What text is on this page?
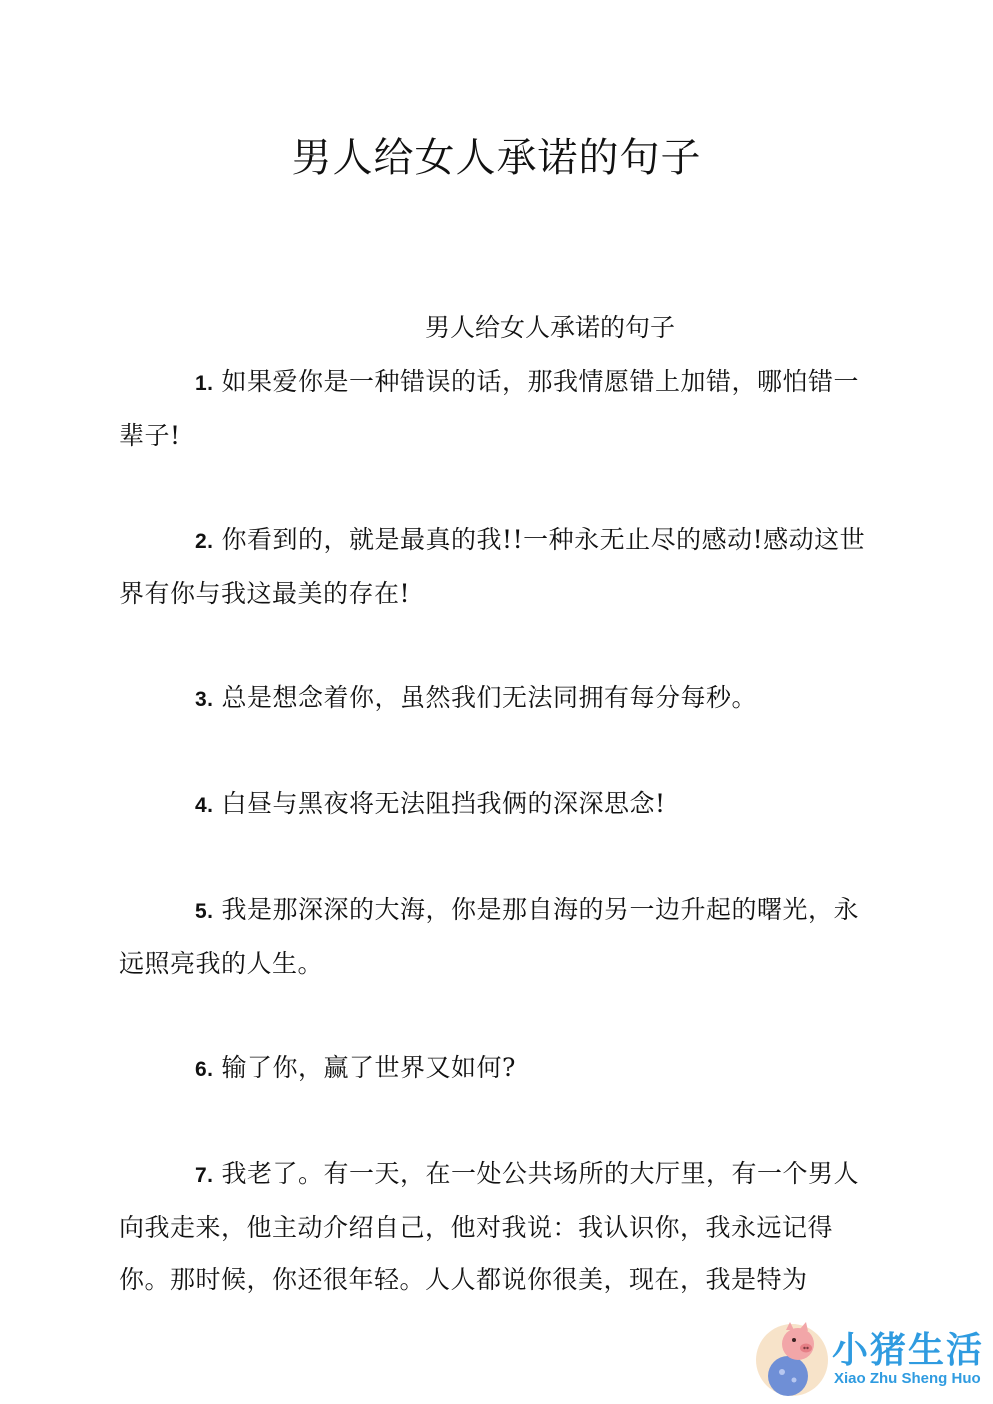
男人给女人承诺的句子
男人给女人承诺的句子

1. 如果爱你是一种错误的话，那我情愿错上加错，哪怕错一辈子!

2. 你看到的，就是最真的我!!一种永无止尽的感动!感动这世界有你与我这最美的存在!

3. 总是想念着你，虽然我们无法同拥有每分每秒。

4. 白昼与黑夜将无法阻挡我俩的深深思念!

5. 我是那深深的大海，你是那自海的另一边升起的曙光，永远照亮我的人生。

6. 输了你，赢了世界又如何?

7. 我老了。有一天，在一处公共场所的大厅里，有一个男人向我走来，他主动介绍自己，他对我说：我认识你，我永远记得你。那时候，你还很年轻。人人都说你很美，现在，我是特为

小猪生活
Xiao Zhu Sheng Huo
